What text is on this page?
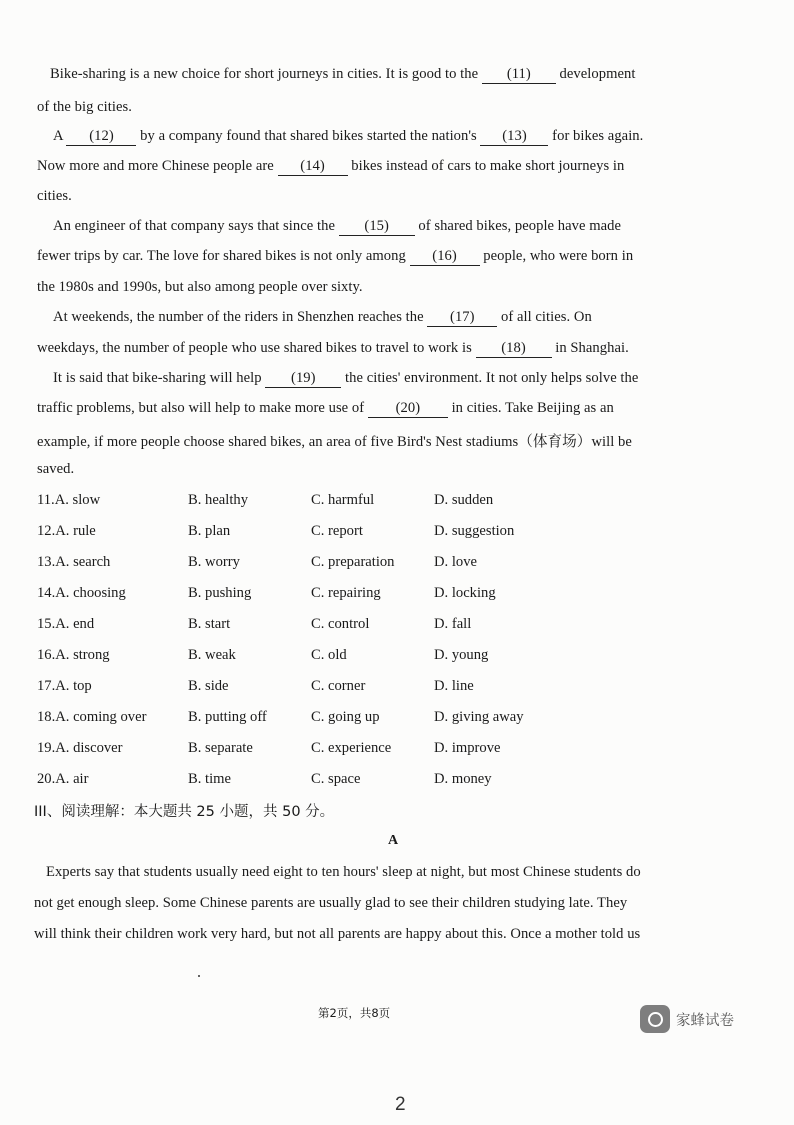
Bike-sharing is a new choice for short journeys in cities. It is good to the (11) development
of the big cities.
A (12) by a company found that shared bikes started the nation's (13) for bikes again.
Now more and more Chinese people are (14) bikes instead of cars to make short journeys in
cities.
An engineer of that company says that since the (15) of shared bikes, people have made
fewer trips by car. The love for shared bikes is not only among (16) people, who were born in
the 1980s and 1990s, but also among people over sixty.
At weekends, the number of the riders in Shenzhen reaches the (17) of all cities. On
weekdays, the number of people who use shared bikes to travel to work is (18) in Shanghai.
It is said that bike-sharing will help (19) the cities' environment. It not only helps solve the
traffic problems, but also will help to make more use of (20) in cities. Take Beijing as an
example, if more people choose shared bikes, an area of five Bird's Nest stadiums（体育场）will be
saved.
11.A. slow	B. healthy	C. harmful	D. sudden
12.A. rule	B. plan	C. report	D. suggestion
13.A. search	B. worry	C. preparation	D. love
14.A. choosing	B. pushing	C. repairing	D. locking
15.A. end	B. start	C. control	D. fall
16.A. strong	B. weak	C. old	D. young
17.A. top	B. side	C. corner	D. line
18.A. coming over	B. putting off	C. going up	D. giving away
19.A. discover	B. separate	C. experience	D. improve
20.A. air	B. time	C. space	D. money
III、阅读理解：本大题共 25 小题，共 50 分。
A
Experts say that students usually need eight to ten hours' sleep at night, but most Chinese students do
not get enough sleep. Some Chinese parents are usually glad to see their children studying late. They
will think their children work very hard, but not all parents are happy about this. Once a mother told us
第2页，共8页	家蜂试卷
2
